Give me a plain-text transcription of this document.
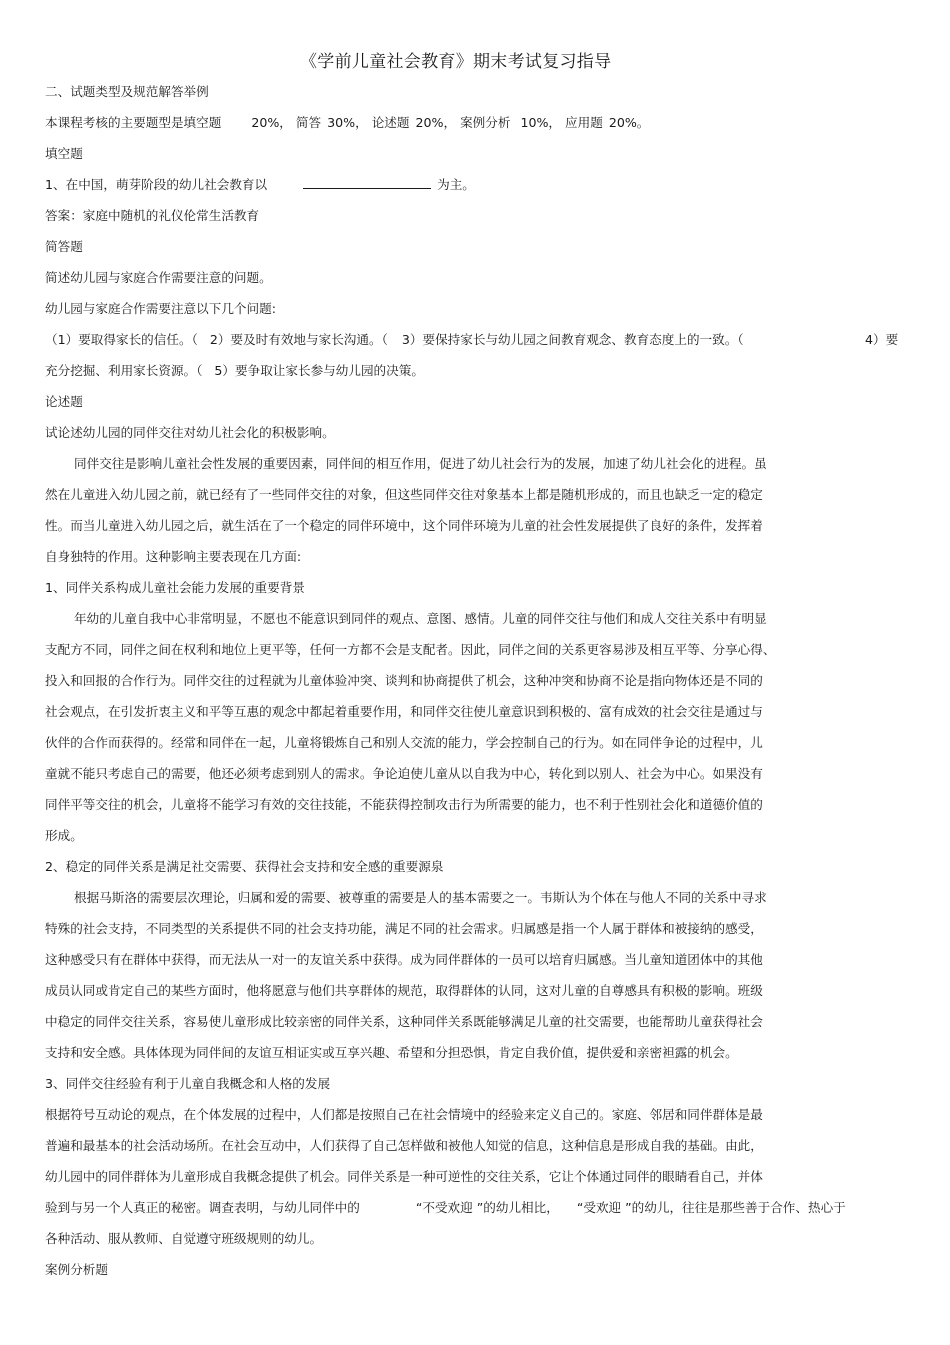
《学前儿童社会教育》期末考试复习指导
二、试题类型及规范解答举例
本课程考核的主要题型是填空题 20%， 简答 30%， 论述题 20%， 案例分析 10%， 应用题 20%。
填空题
1、在中国，萌芽阶段的幼儿社会教育以	为主。
答案：家庭中随机的礼仪伦常生活教育
简答题
简述幼儿园与家庭合作需要注意的问题。
幼儿园与家庭合作需要注意以下几个问题:
（1）要取得家长的信任。（ 2）要及时有效地与家长沟通。（ 3）要保持家长与幼儿园之间教育观念、教育态度上的一致。（	4）要
充分挖掘、利用家长资源。（ 5）要争取让家长参与幼儿园的决策。
论述题
试论述幼儿园的同伴交往对幼儿社会化的积极影响。
同伴交往是影响儿童社会性发展的重要因素，同伴间的相互作用，促进了幼儿社会行为的发展，加速了幼儿社会化的进程。虽
然在儿童进入幼儿园之前，就已经有了一些同伴交往的对象，但这些同伴交往对象基本上都是随机形成的，而且也缺乏一定的稳定
性。而当儿童进入幼儿园之后，就生活在了一个稳定的同伴环境中，这个同伴环境为儿童的社会性发展提供了良好的条件，发挥着
自身独特的作用。这种影响主要表现在几方面:
1、同伴关系构成儿童社会能力发展的重要背景
年幼的儿童自我中心非常明显，不愿也不能意识到同伴的观点、意图、感情。儿童的同伴交往与他们和成人交往关系中有明显
支配方不同，同伴之间在权利和地位上更平等，任何一方都不会是支配者。因此，同伴之间的关系更容易涉及相互平等、分享心得、
投入和回报的合作行为。同伴交往的过程就为儿童体验冲突、谈判和协商提供了机会，这种冲突和协商不论是指向物体还是不同的
社会观点，在引发折衷主义和平等互惠的观念中都起着重要作用，和同伴交往使儿童意识到积极的、富有成效的社会交往是通过与
伙伴的合作而获得的。经常和同伴在一起，儿童将锻炼自己和别人交流的能力，学会控制自己的行为。如在同伴争论的过程中，儿
童就不能只考虑自己的需要，他还必须考虑到别人的需求。争论迫使儿童从以自我为中心，转化到以别人、社会为中心。如果没有
同伴平等交往的机会，儿童将不能学习有效的交往技能，不能获得控制攻击行为所需要的能力，也不利于性别社会化和道德价值的
形成。
2、稳定的同伴关系是满足社交需要、获得社会支持和安全感的重要源泉
根据马斯洛的需要层次理论，归属和爱的需要、被尊重的需要是人的基本需要之一。韦斯认为个体在与他人不同的关系中寻求
特殊的社会支持，不同类型的关系提供不同的社会支持功能，满足不同的社会需求。归属感是指一个人属于群体和被接纳的感受，
这种感受只有在群体中获得，而无法从一对一的友谊关系中获得。成为同伴群体的一员可以培育归属感。当儿童知道团体中的其他
成员认同或肯定自己的某些方面时，他将愿意与他们共享群体的规范，取得群体的认同，这对儿童的自尊感具有积极的影响。班级
中稳定的同伴交往关系，容易使儿童形成比较亲密的同伴关系，这种同伴关系既能够满足儿童的社交需要，也能帮助儿童获得社会
支持和安全感。具体体现为同伴间的友谊互相证实或互享兴趣、希望和分担恐惧，肯定自我价值，提供爱和亲密袒露的机会。
3、同伴交往经验有利于儿童自我概念和人格的发展
根据符号互动论的观点，在个体发展的过程中，人们都是按照自己在社会情境中的经验来定义自己的。家庭、邻居和同伴群体是最
普遍和最基本的社会活动场所。在社会互动中，人们获得了自己怎样做和被他人知觉的信息，这种信息是形成自我的基础。由此，
幼儿园中的同伴群体为儿童形成自我概念提供了机会。同伴关系是一种可逆性的交往关系，它让个体通过同伴的眼睛看自己，并体
验到与另一个人真正的秘密。调查表明，与幼儿同伴中的	“不受欢迎 ”的幼儿相比， “受欢迎 ”的幼儿，往往是那些善于合作、热心于
各种活动、服从教师、自觉遵守班级规则的幼儿。
案例分析题
